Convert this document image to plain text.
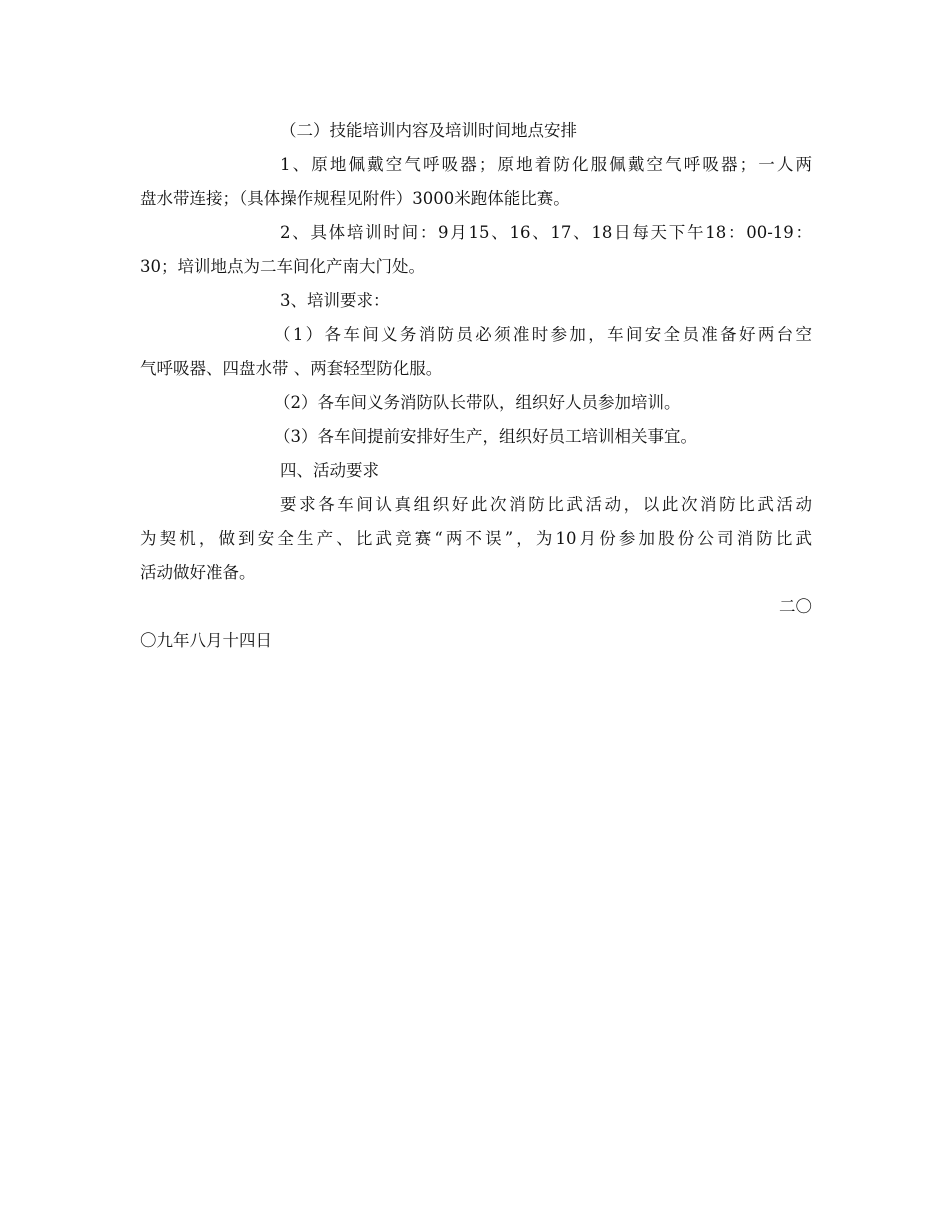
（二）技能培训内容及培训时间地点安排
1、原地佩戴空气呼吸器；原地着防化服佩戴空气呼吸器；一人两
盘水带连接；（具体操作规程见附件）3000米跑体能比赛。
2、具体培训时间：9月15、16、17、18日每天下午18：00-19：
30；培训地点为二车间化产南大门处。
3、培训要求：
（1）各车间义务消防员必须准时参加，车间安全员准备好两台空
气呼吸器、四盘水带 、两套轻型防化服。
（2）各车间义务消防队长带队，组织好人员参加培训。
（3）各车间提前安排好生产，组织好员工培训相关事宜。
四、活动要求
要求各车间认真组织好此次消防比武活动，以此次消防比武活动
为契机，做到安全生产、比武竞赛“两不误”，为10月份参加股份公司消防比武
活动做好准备。
二〇
〇九年八月十四日
